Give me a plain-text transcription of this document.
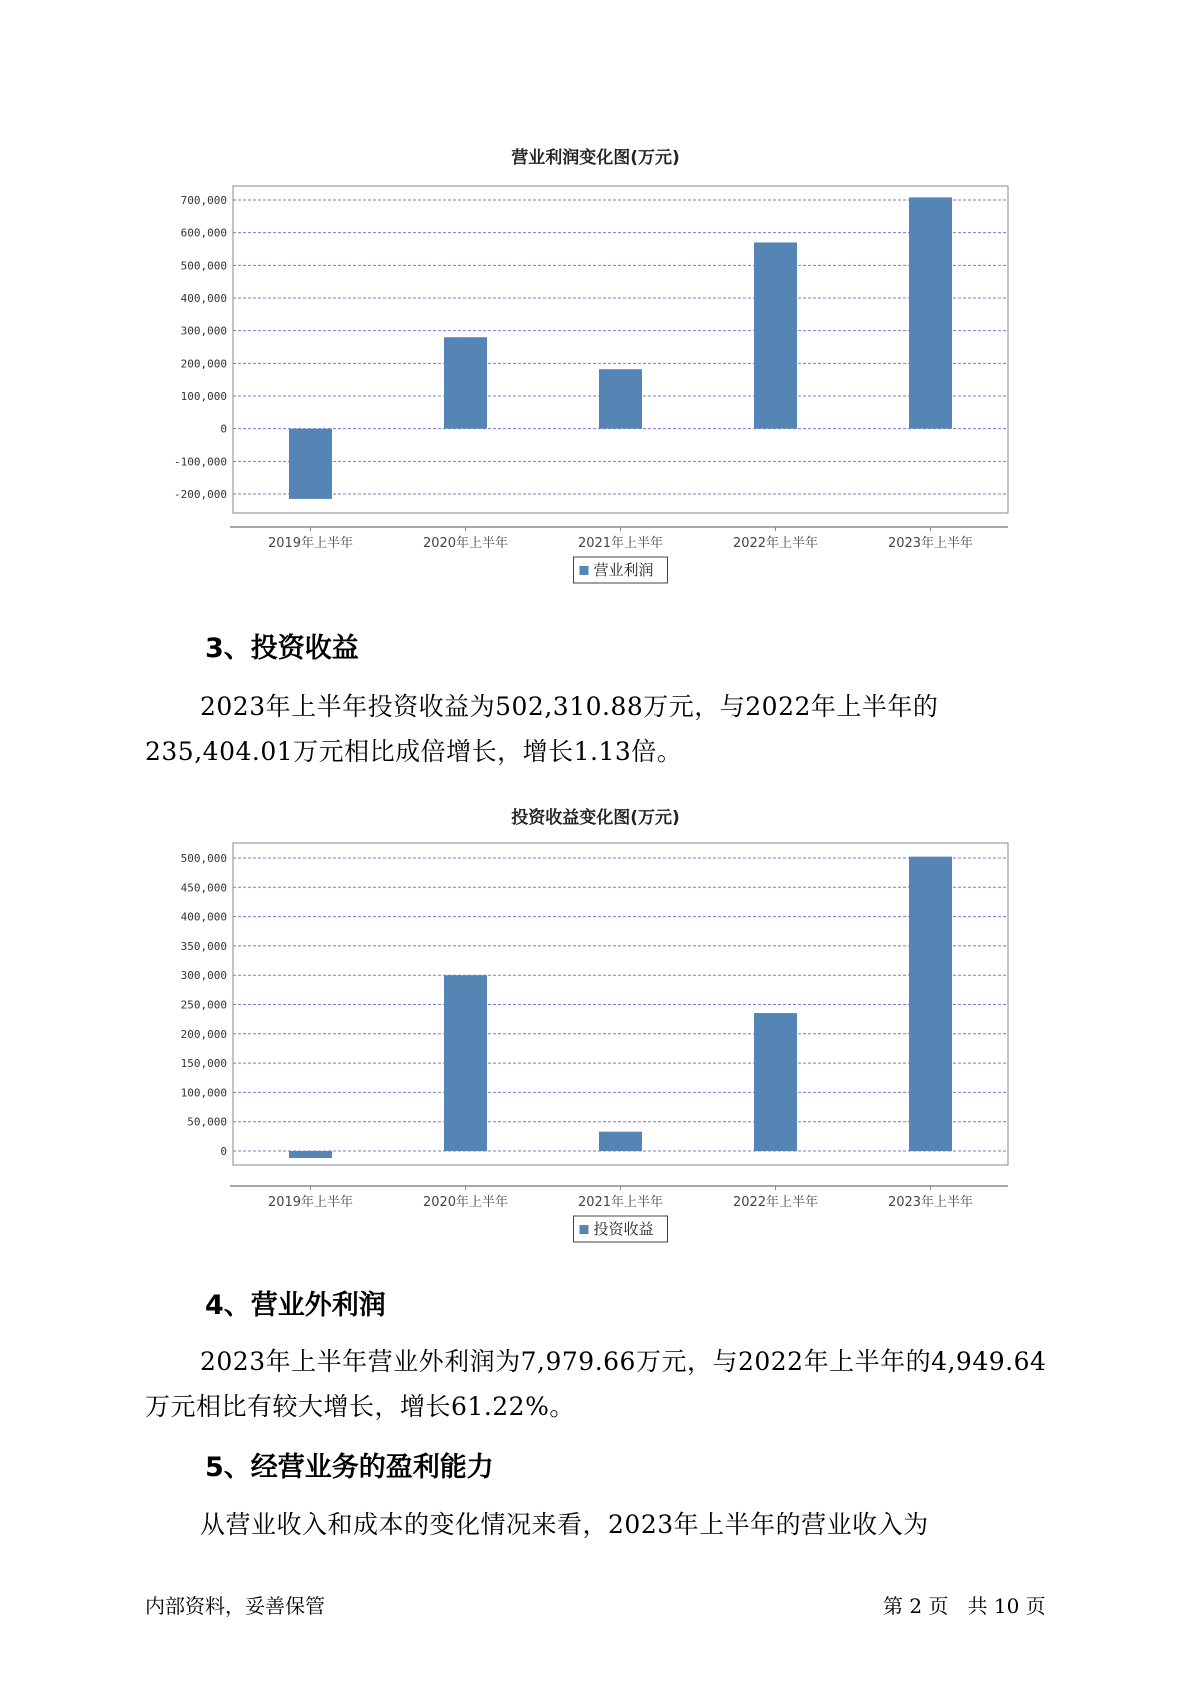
营业利润变化图(万元)
700,000
600,000
500,000
400,000
300,000
200,000
100,000
0
-100,000
-200,000
2019年上半年	2020年上半年	2021年上半年	2022年上半年	2023年上半年
营业利润
3、投资收益
2023年上半年投资收益为502,310.88万元，与2022年上半年的
235,404.01万元相比成倍增长，增长1.13倍。
投资收益变化图(万元)
500,000
450,000
400,000
350,000
300,000
250,000
200,000
150,000
100,000
50,000
0
2019年上半年	2020年上半年	2021年上半年	2022年上半年	2023年上半年
投资收益
4、营业外利润
2023年上半年营业外利润为7,979.66万元，与2022年上半年的4,949.64
万元相比有较大增长，增长61.22%。
5、经营业务的盈利能力
从营业收入和成本的变化情况来看，2023年上半年的营业收入为
内部资料，妥善保管	第 2 页   共 10 页
